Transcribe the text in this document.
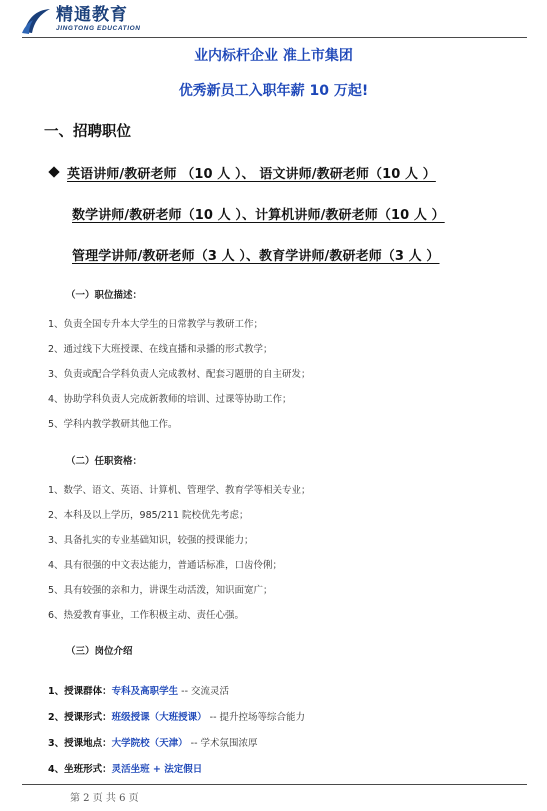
精通教育
JINGTONG EDUCATION
业内标杆企业 准上市集团
优秀新员工入职年薪 10 万起!
一、招聘职位
英语讲师/教研老师 （10 人 ）、 语文讲师/教研老师（10 人 ）
数学讲师/教研老师（10 人 ）、计算机讲师/教研老师（10 人 ）
管理学讲师/教研老师（3 人 ）、教育学讲师/教研老师（3 人 ）
（一）职位描述：
1、负责全国专升本大学生的日常教学与教研工作；
2、通过线下大班授课、在线直播和录播的形式教学；
3、负责或配合学科负责人完成教材、配套习题册的自主研发；
4、协助学科负责人完成新教师的培训、过课等协助工作；
5、学科内教学教研其他工作。
（二）任职资格：
1、数学、语文、英语、计算机、管理学、教育学等相关专业；
2、本科及以上学历，985/211 院校优先考虑；
3、具备扎实的专业基础知识，较强的授课能力；
4、具有很强的中文表达能力，普通话标准，口齿伶俐；
5、具有较强的亲和力，讲课生动活泼，知识面宽广；
6、热爱教育事业，工作积极主动、责任心强。
（三）岗位介绍
1、授课群体：专科及高职学生 -- 交流灵活
2、授课形式：班级授课（大班授课） -- 提升控场等综合能力
3、授课地点：大学院校（天津） -- 学术氛围浓厚
4、坐班形式：灵活坐班 + 法定假日
第 2 页 共 6 页
